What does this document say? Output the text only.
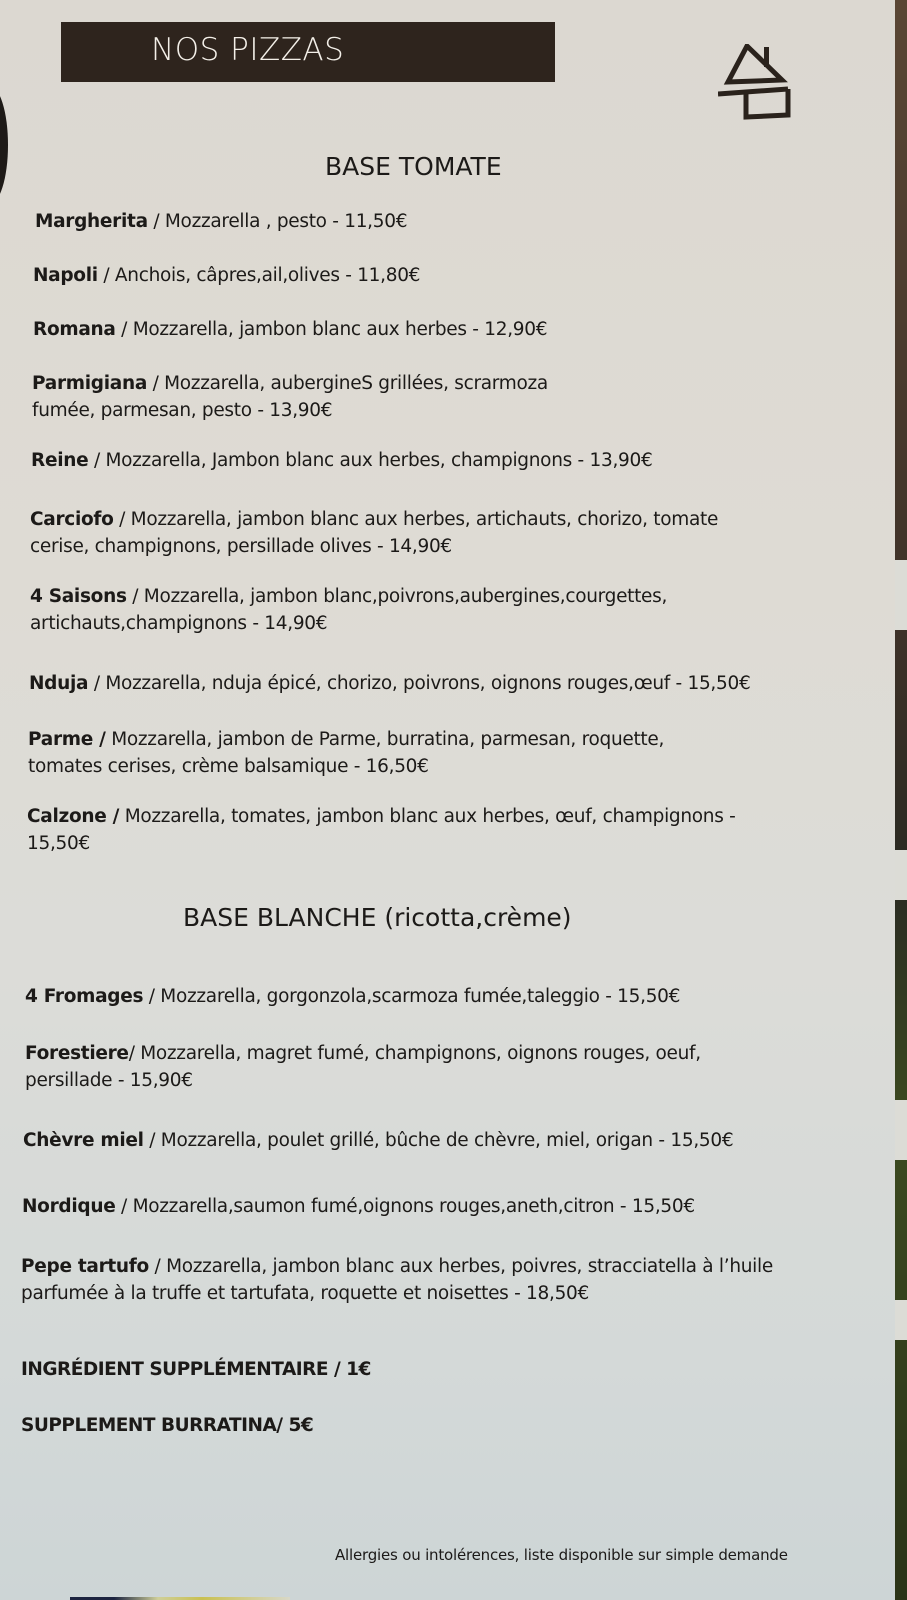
NOS PIZZAS
BASE TOMATE
Margherita / Mozzarella , pesto - 11,50€
Napoli / Anchois, câpres,ail,olives - 11,80€
Romana / Mozzarella, jambon blanc aux herbes - 12,90€
Parmigiana / Mozzarella, aubergineS grillées, scrarmoza
fumée, parmesan, pesto - 13,90€
Reine / Mozzarella, Jambon blanc aux herbes, champignons - 13,90€
Carciofo / Mozzarella, jambon blanc aux herbes, artichauts, chorizo, tomate
cerise, champignons, persillade olives - 14,90€
4 Saisons / Mozzarella, jambon blanc,poivrons,aubergines,courgettes,
artichauts,champignons - 14,90€
Nduja / Mozzarella, nduja épicé, chorizo, poivrons, oignons rouges,œuf - 15,50€
Parme / Mozzarella, jambon de Parme, burratina, parmesan, roquette,
tomates cerises, crème balsamique - 16,50€
Calzone / Mozzarella, tomates, jambon blanc aux herbes, œuf, champignons -
15,50€
BASE BLANCHE (ricotta,crème)
4 Fromages / Mozzarella, gorgonzola,scarmoza fumée,taleggio - 15,50€
Forestiere/ Mozzarella, magret fumé, champignons, oignons rouges, oeuf,
persillade - 15,90€
Chèvre miel / Mozzarella, poulet grillé, bûche de chèvre, miel, origan - 15,50€
Nordique / Mozzarella,saumon fumé,oignons rouges,aneth,citron - 15,50€
Pepe tartufo / Mozzarella, jambon blanc aux herbes, poivres, stracciatella à l’huile
parfumée à la truffe et tartufata, roquette et noisettes - 18,50€
INGRÉDIENT SUPPLÉMENTAIRE / 1€
SUPPLEMENT BURRATINA/ 5€
Allergies ou intolérences, liste disponible sur simple demande
